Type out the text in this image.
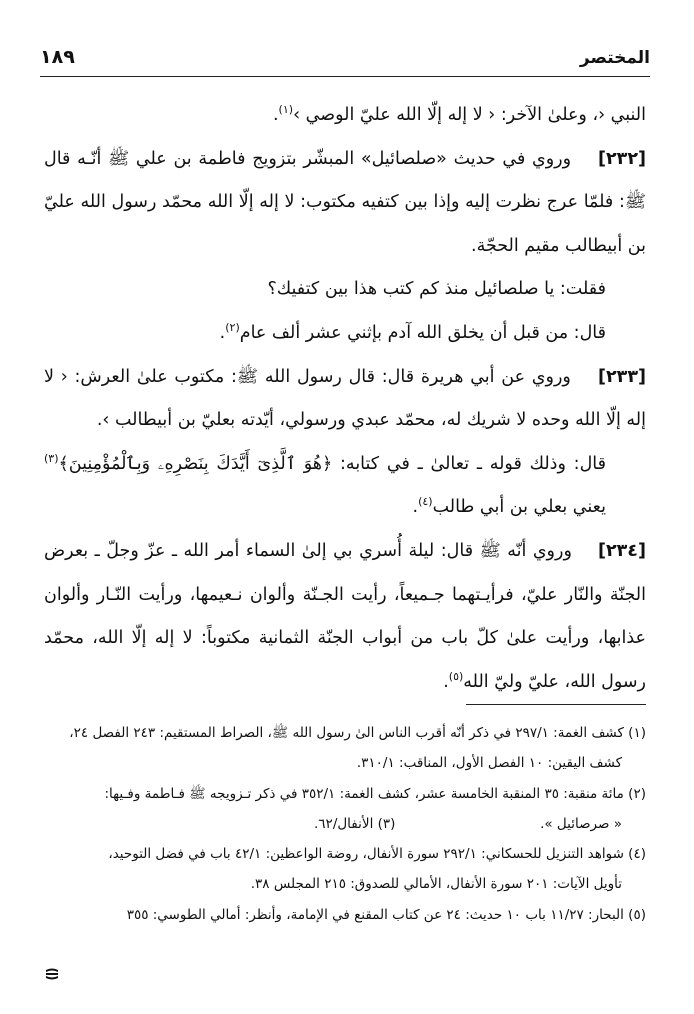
المختصر
١٨٩

النبي ‹، وعلىٰ الآخر: ‹ لا إله إلّا الله عليّ الوصي ›$^{(١)}$.

[٢٣٢]    وروي في حديث «صلصائيل» المبشّر بتزويج فاطمة بن علي ﷺ أنّـه قال ﷺ: فلمّا عرج نظرت إليه وإذا بين كتفيه مكتوب: لا إله إلّا الله محمّد رسول الله عليّ بن أبيطالب مقيم الحجّة.

فقلت: يا صلصائيل منذ كم كتب هذا بين كتفيك؟

قال: من قبل أن يخلق الله آدم بإثني عشر ألف عام$^{(٢)}$.

[٢٣٣]    وروي عن أبي هريرة قال: قال رسول الله ﷺ: مكتوب علىٰ العرش: ‹ لا إله إلّا الله وحده لا شريك له، محمّد عبدي ورسولي، أيّدته بعليّ بن أبيطالب ›.

قال: وذلك قوله ـ تعالىٰ ـ في كتابه: ﴿هُوَ ٱلَّذِىٓ أَيَّدَكَ بِنَصْرِهِۦ وَبِٱلْمُؤْمِنِينَ﴾$^{(٣)}$ يعني بعلي بن أبي طالب$^{(٤)}$.

[٢٣٤]    وروي أنّه ﷺ قال: ليلة أُسري بي إلىٰ السماء أمر الله ـ عزّ وجلّ ـ بعرض الجنّة والنّار عليّ، فرأيـتهما جـميعاً، رأيت الجـنّة وألوان نـعيمها، ورأيت النّـار وألوان عذابها، ورأيت علىٰ كلّ باب من أبواب الجنّة الثمانية مكتوباً: لا إله إلّا الله، محمّد رسول الله، عليّ وليّ الله$^{(٥)}$.

(١) كشف الغمة: ٢٩٧/١ في ذكر أنّه أقرب الناس الىٰ رسول الله ﷺ، الصراط المستقيم: ٢٤٣ الفصل ٢٤،

كشف اليقين: ١٠ الفصل الأول، المناقب: ٣١٠/١.

(٢) مائة منقبة: ٣٥ المنقبة الخامسة عشر، كشف الغمة: ٣٥٢/١ في ذكر تـزويجه ﷺ فـاطمة وفـيها:

« صرصائيل ».
(٣) الأنفال/٦٢.

(٤) شواهد التنزيل للحسكاني: ٢٩٢/١ سورة الأنفال، روضة الواعظين: ٤٢/١ باب في فضل التوحيد،

تأويل الآيات: ٢٠١ سورة الأنفال، الأمالي للصدوق: ٢١٥ المجلس ٣٨.

(٥) البحار: ١١/٢٧ باب ١٠ حديث: ٢٤ عن كتاب المقنع في الإمامة، وأنظر: أمالي الطوسي: ٣٥٥
